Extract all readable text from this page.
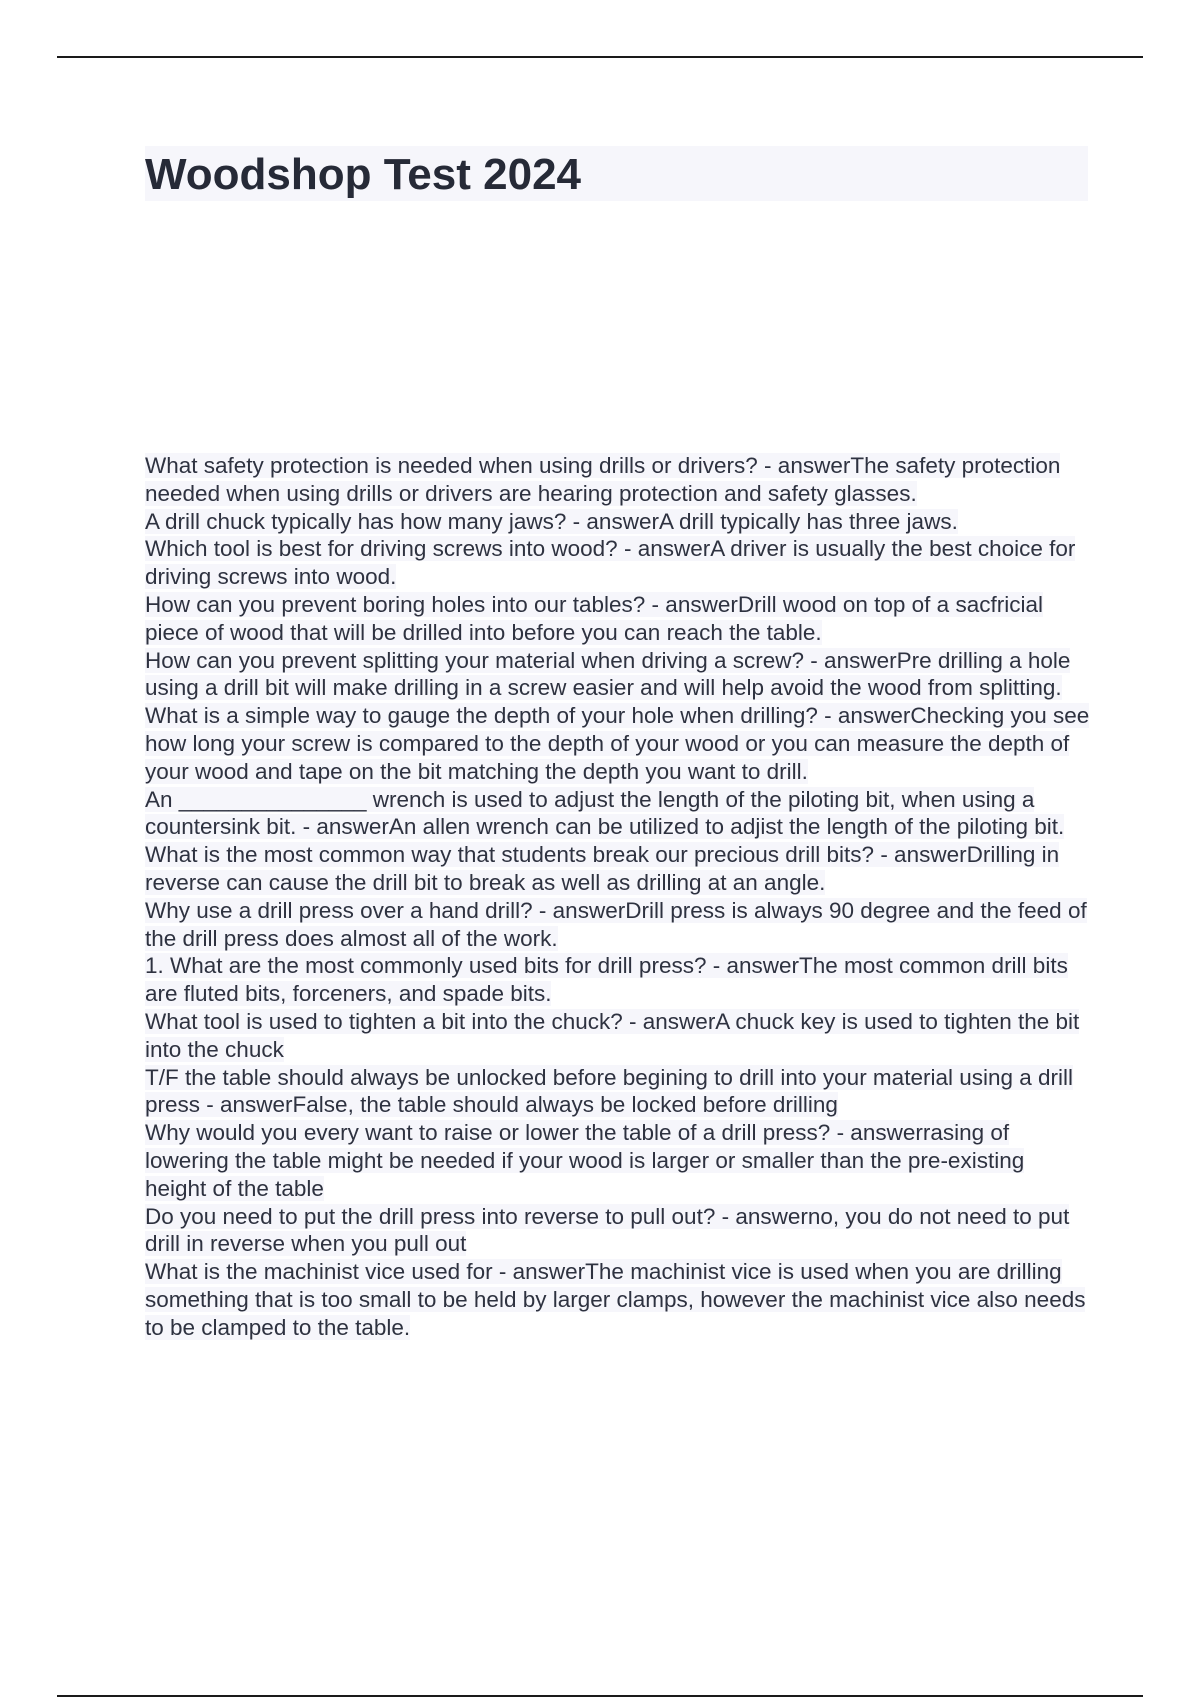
Woodshop Test 2024

What safety protection is needed when using drills or drivers? - answerThe safety protection needed when using drills or drivers are hearing protection and safety glasses.

A drill chuck typically has how many jaws? - answerA drill typically has three jaws.

Which tool is best for driving screws into wood? - answerA driver is usually the best choice for driving screws into wood.

How can you prevent boring holes into our tables? - answerDrill wood on top of a sacfricial piece of wood that will be drilled into before you can reach the table.

How can you prevent splitting your material when driving a screw? - answerPre drilling a hole using a drill bit will make drilling in a screw easier and will help avoid the wood from splitting.

What is a simple way to gauge the depth of your hole when drilling? - answerChecking you see how long your screw is compared to the depth of your wood or you can measure the depth of your wood and tape on the bit matching the depth you want to drill.

An _______________ wrench is used to adjust the length of the piloting bit, when using a countersink bit. - answerAn allen wrench can be utilized to adjist the length of the piloting bit.

What is the most common way that students break our precious drill bits? - answerDrilling in reverse can cause the drill bit to break as well as drilling at an angle.

Why use a drill press over a hand drill? - answerDrill press is always 90 degree and the feed of the drill press does almost all of the work.

1. What are the most commonly used bits for drill press? - answerThe most common drill bits are fluted bits, forceners, and spade bits.

What tool is used to tighten a bit into the chuck? - answerA chuck key is used to tighten the bit into the chuck

T/F the table should always be unlocked before begining to drill into your material using a drill press - answerFalse, the table should always be locked before drilling

Why would you every want to raise or lower the table of a drill press? - answerrasing of lowering the table might be needed if your wood is larger or smaller than the pre-existing height of the table

Do you need to put the drill press into reverse to pull out? - answerno, you do not need to put drill in reverse when you pull out

What is the machinist vice used for - answerThe machinist vice is used when you are drilling something that is too small to be held by larger clamps, however the machinist vice also needs to be clamped to the table.
